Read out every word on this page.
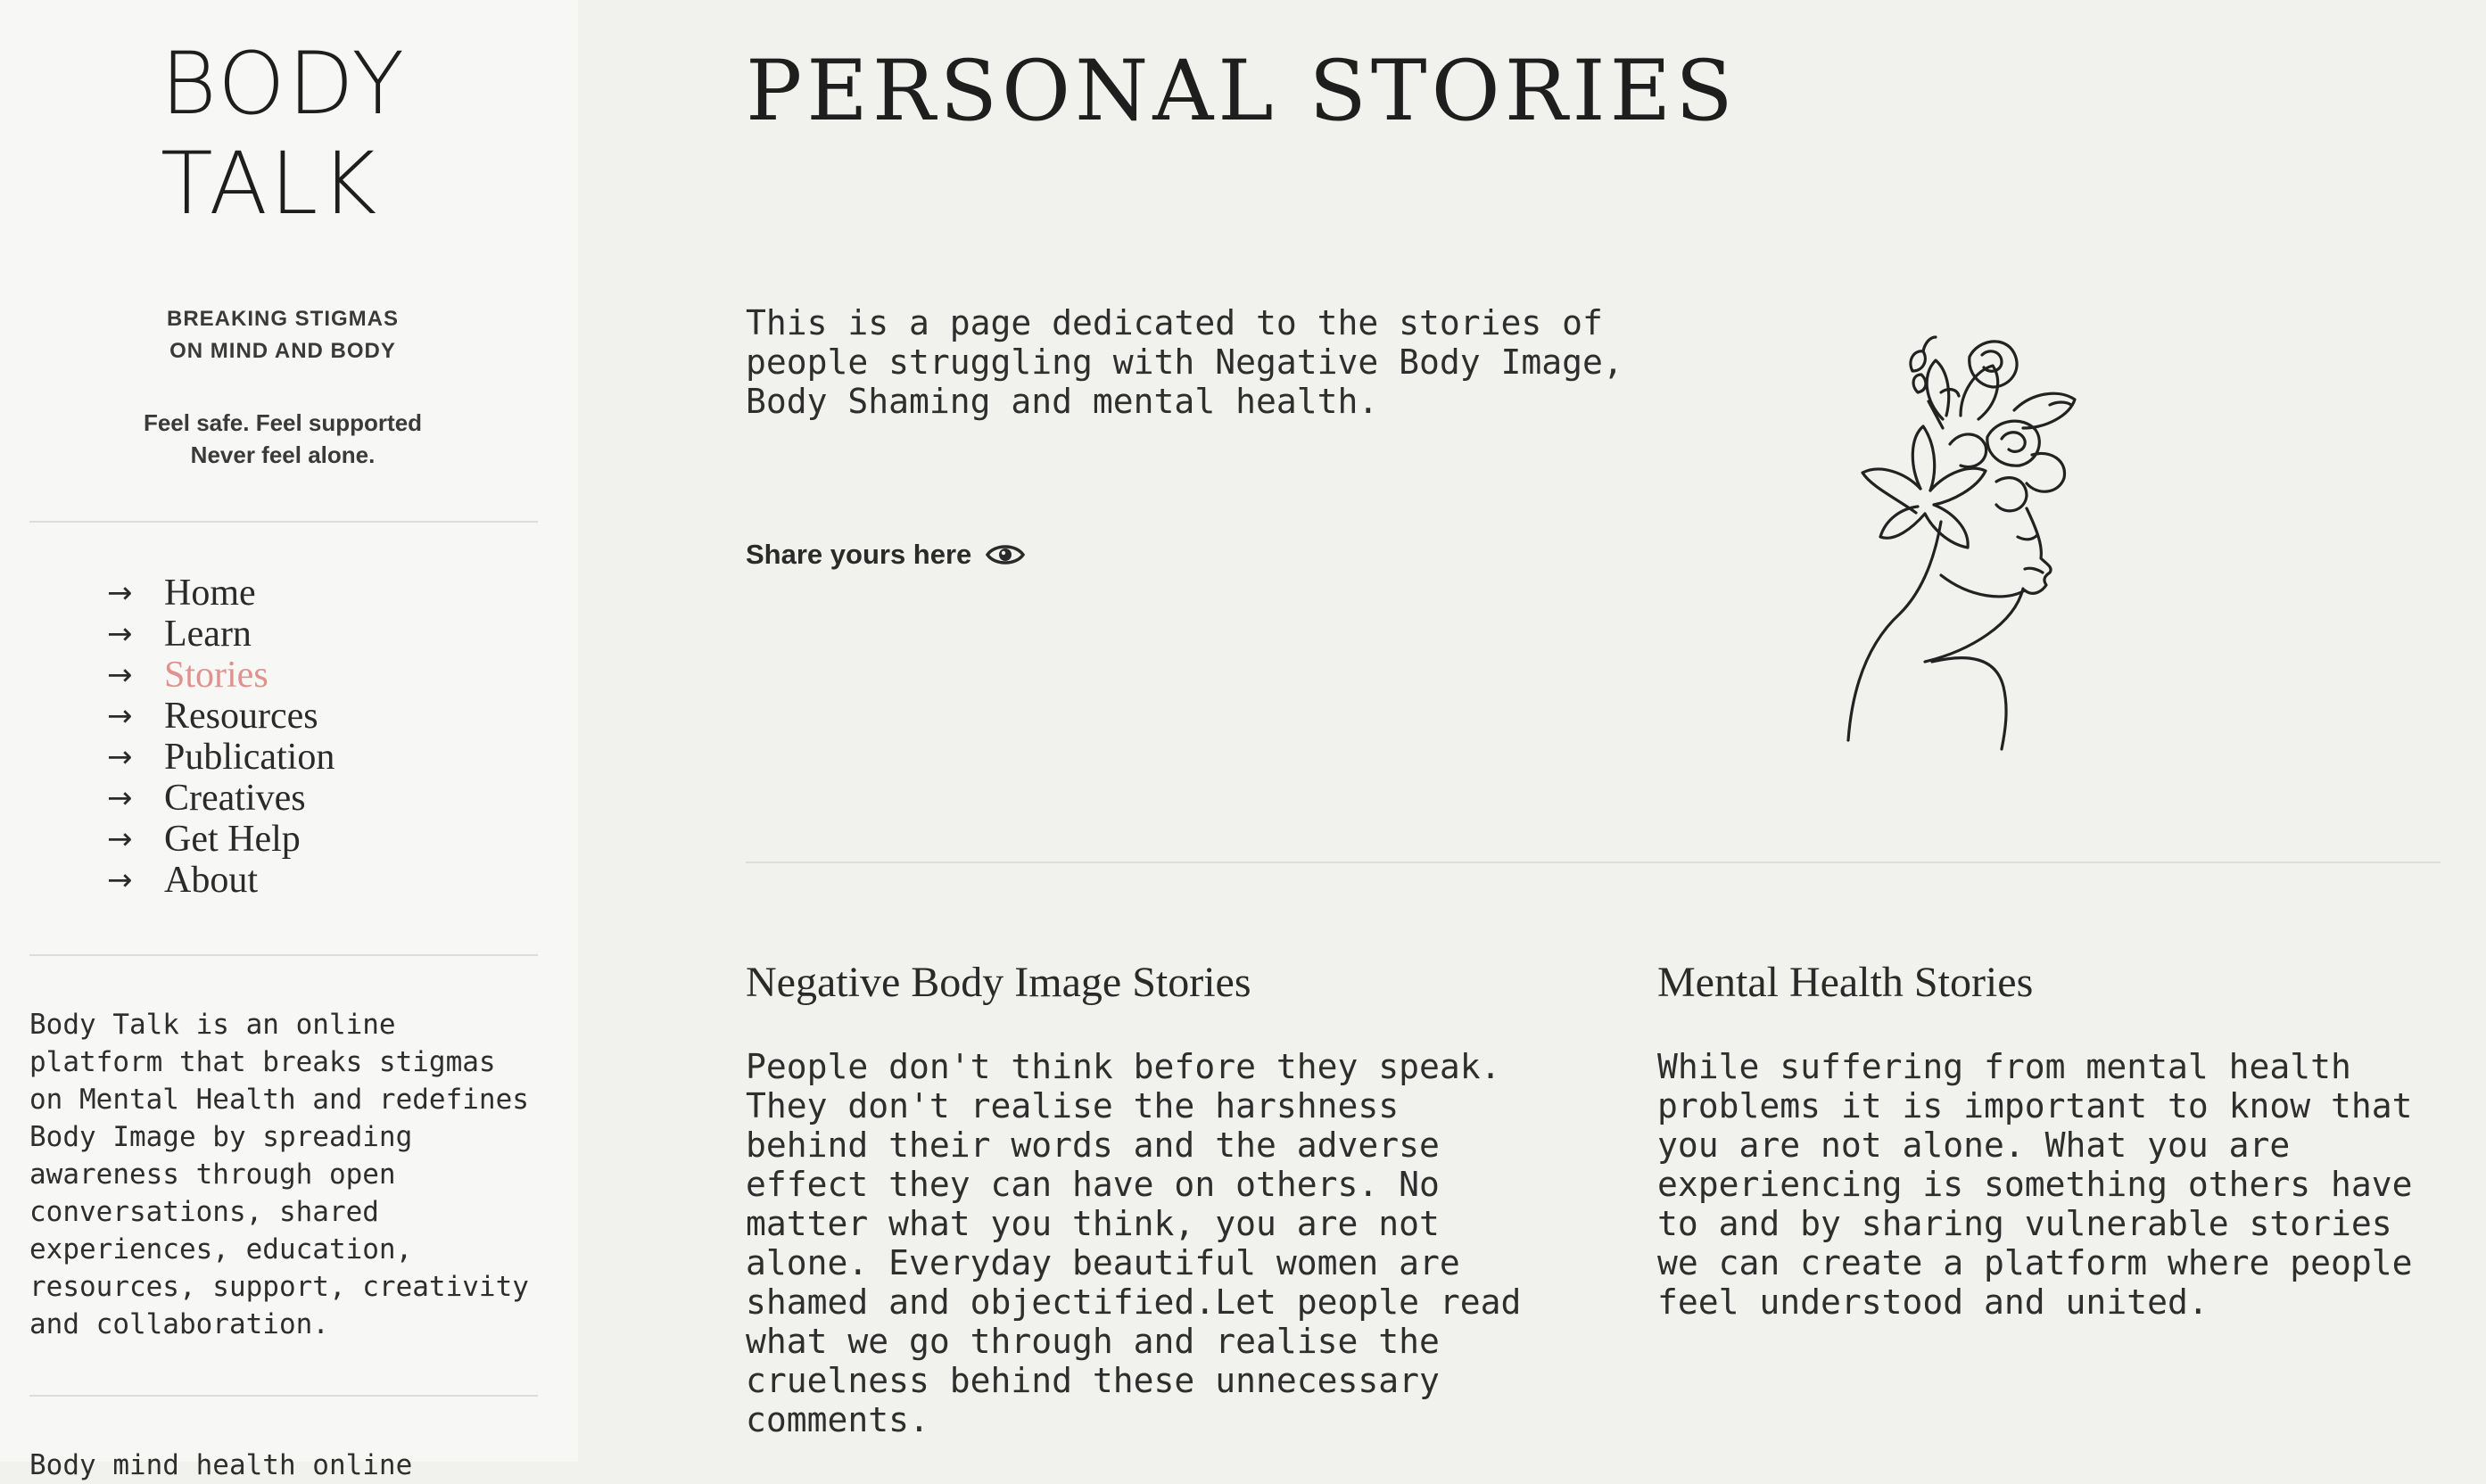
BODY
TALK
BREAKING STIGMAS
ON MIND AND BODY
Feel safe. Feel supported
Never feel alone.
→ Home
→ Learn
→ Stories
→ Resources
→ Publication
→ Creatives
→ Get Help
→ About
Body Talk is an online
platform that breaks stigmas
on Mental Health and redefines
Body Image by spreading
awareness through open
conversations, shared
experiences, education,
resources, support, creativity
and collaboration.
Body mind health online
PERSONAL STORIES
This is a page dedicated to the stories of
people struggling with Negative Body Image,
Body Shaming and mental health.
Share yours here
Negative Body Image Stories
People don't think before they speak.
They don't realise the harshness
behind their words and the adverse
effect they can have on others. No
matter what you think, you are not
alone. Everyday beautiful women are
shamed and objectified.Let people read
what we go through and realise the
cruelness behind these unnecessary
comments.
Mental Health Stories
While suffering from mental health
problems it is important to know that
you are not alone. What you are
experiencing is something others have
to and by sharing vulnerable stories
we can create a platform where people
feel understood and united.
